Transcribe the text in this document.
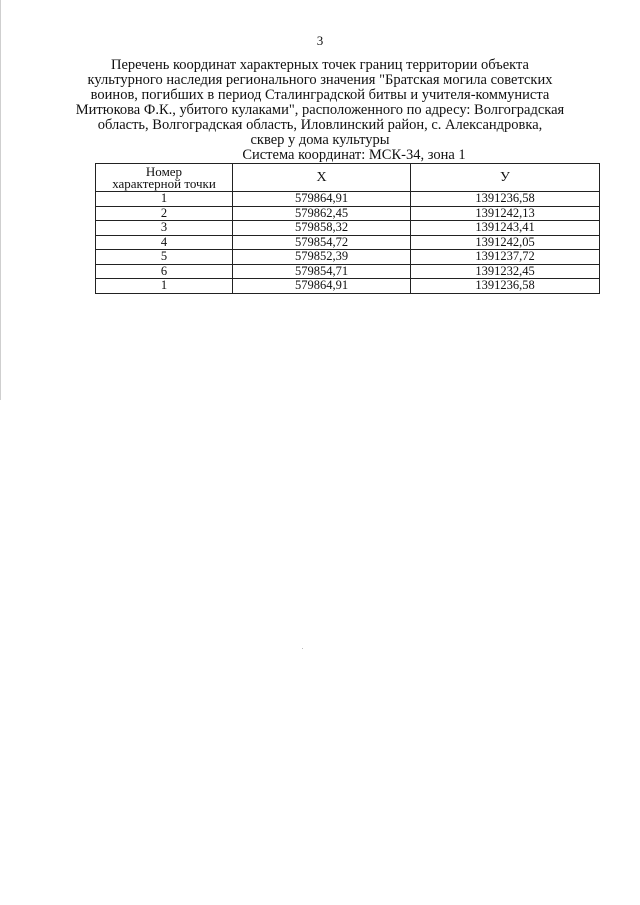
3
Перечень координат характерных точек границ территории объекта
культурного наследия регионального значения "Братская могила советских
воинов, погибших в период Сталинградской битвы и учителя-коммуниста
Митюкова Ф.К., убитого кулаками", расположенного по адресу: Волгоградская
область, Волгоградская область, Иловлинский район, с. Александровка,
сквер у дома культуры
Система координат: МСК-34, зона 1
Номер
характерной точки	X	У
1	579864,91	1391236,58
2	579862,45	1391242,13
3	579858,32	1391243,41
4	579854,72	1391242,05
5	579852,39	1391237,72
6	579854,71	1391232,45
1	579864,91	1391236,58
